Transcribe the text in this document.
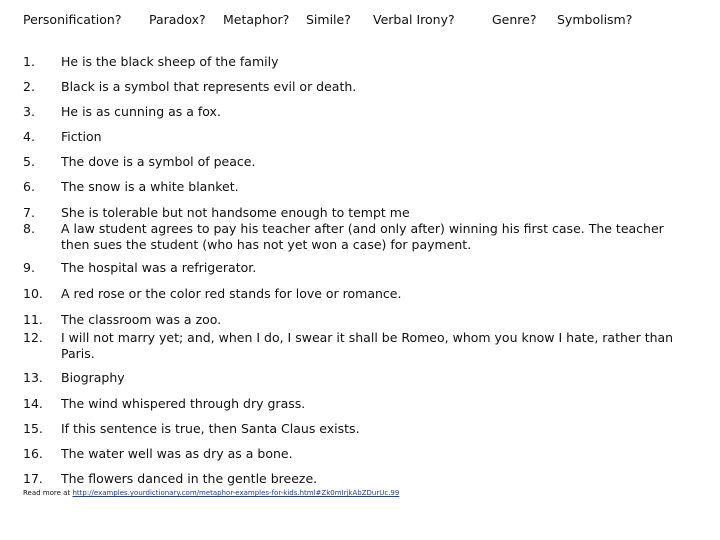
Personification? Paradox? Metaphor? Simile? Verbal Irony?	Genre? Symbolism?
1.	He is the black sheep of the family
2.	Black is a symbol that represents evil or death.
3.	He is as cunning as a fox.
4.	Fiction
5.	The dove is a symbol of peace.
6.	The snow is a white blanket.
7.	She is tolerable but not handsome enough to tempt me
8.	A law student agrees to pay his teacher after (and only after) winning his first case. The teacher then sues the student (who has not yet won a case) for payment.
9.	The hospital was a refrigerator.
10.	A red rose or the color red stands for love or romance.
11.	The classroom was a zoo.
12.	I will not marry yet; and, when I do, I swear it shall be Romeo, whom you know I hate, rather than Paris.
13.	Biography
14.	The wind whispered through dry grass.
15.	If this sentence is true, then Santa Claus exists.
16.	The water well was as dry as a bone.
17.	The flowers danced in the gentle breeze.
Read more at http://examples.yourdictionary.com/metaphor-examples-for-kids.html#Zk0mIrjkAbZDurUc.99
